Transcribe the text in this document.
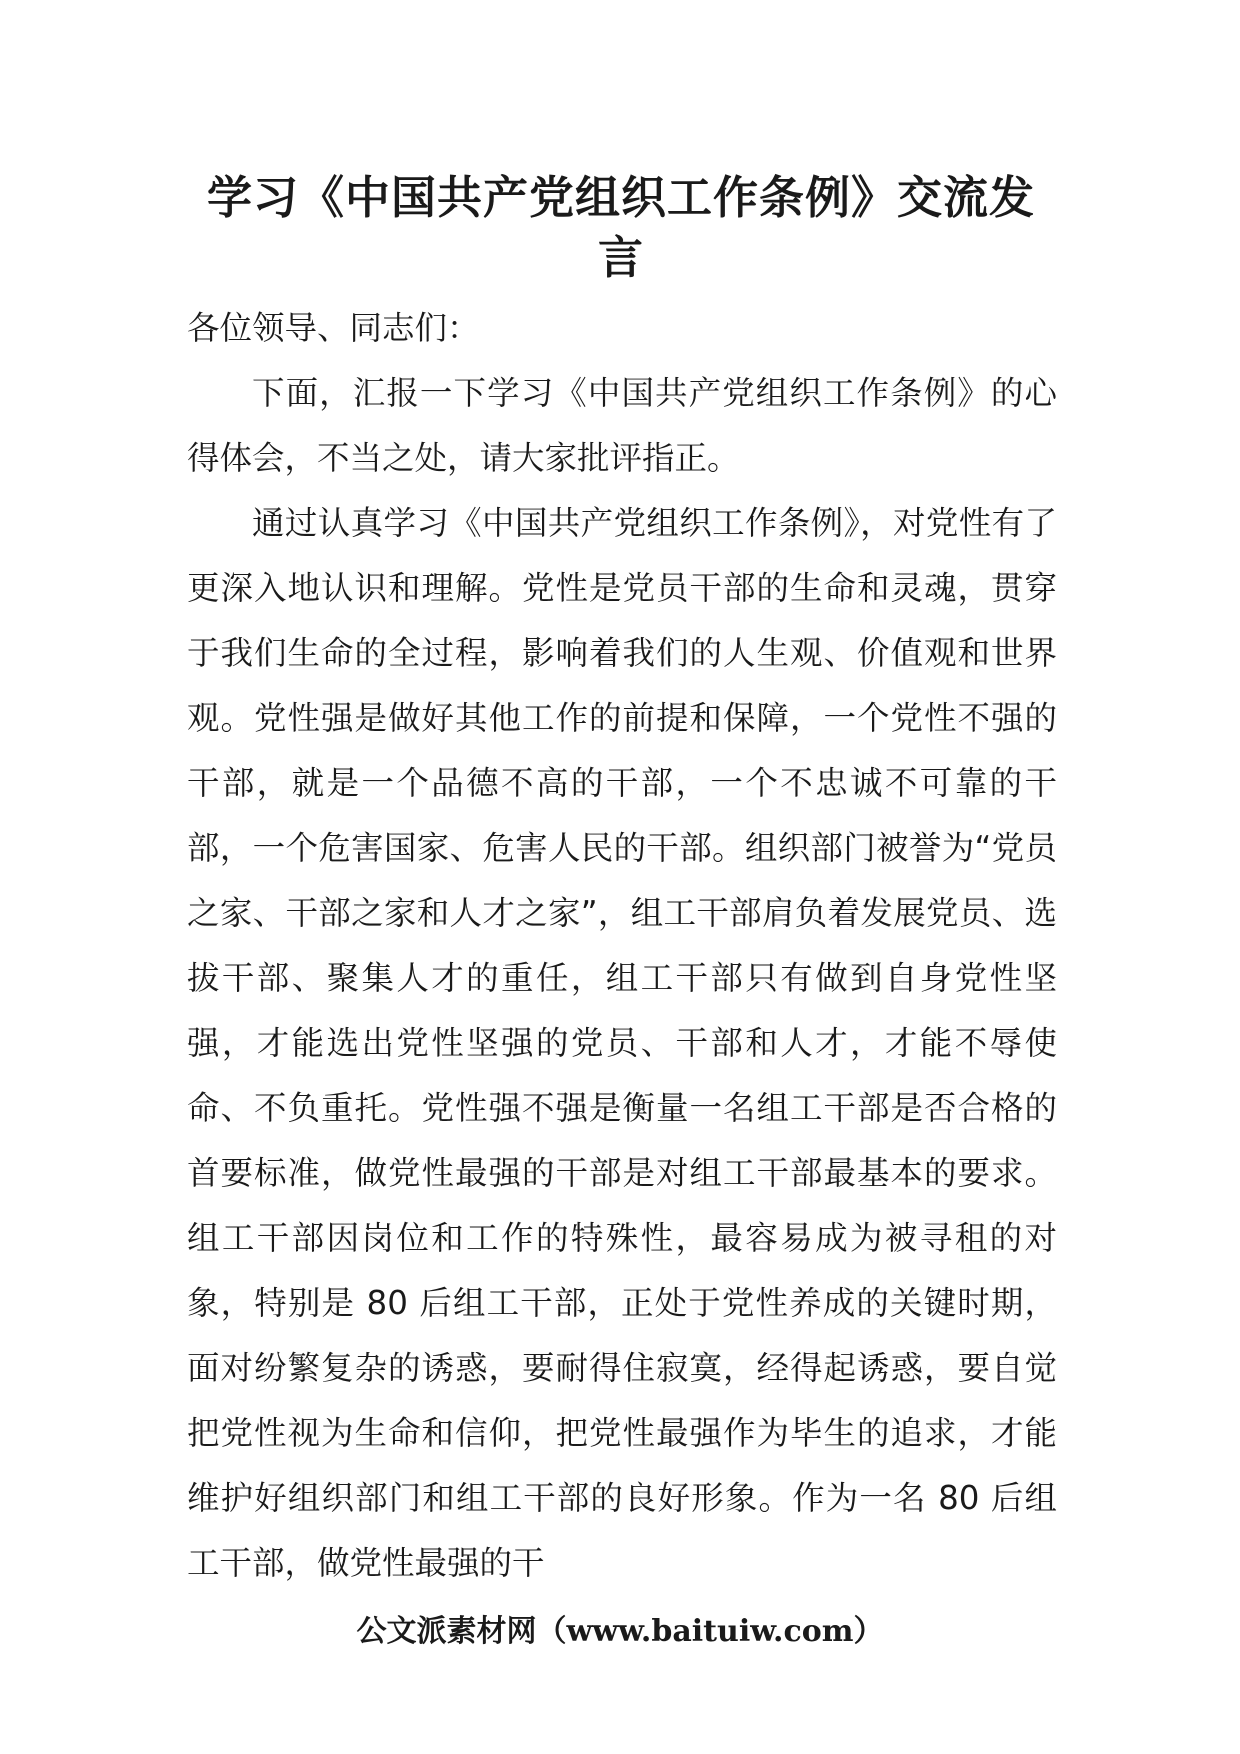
学习《中国共产党组织工作条例》交流发言

各位领导、同志们：

下面，汇报一下学习《中国共产党组织工作条例》的心得体会，不当之处，请大家批评指正。

通过认真学习《中国共产党组织工作条例》，对党性有了更深入地认识和理解。党性是党员干部的生命和灵魂，贯穿于我们生命的全过程，影响着我们的人生观、价值观和世界观。党性强是做好其他工作的前提和保障，一个党性不强的干部，就是一个品德不高的干部，一个不忠诚不可靠的干部，一个危害国家、危害人民的干部。组织部门被誉为“党员之家、干部之家和人才之家”，组工干部肩负着发展党员、选拔干部、聚集人才的重任，组工干部只有做到自身党性坚强，才能选出党性坚强的党员、干部和人才，才能不辱使命、不负重托。党性强不强是衡量一名组工干部是否合格的首要标准，做党性最强的干部是对组工干部最基本的要求。组工干部因岗位和工作的特殊性，最容易成为被寻租的对象，特别是 80 后组工干部，正处于党性养成的关键时期，面对纷繁复杂的诱惑，要耐得住寂寞，经得起诱惑，要自觉把党性视为生命和信仰，把党性最强作为毕生的追求，才能维护好组织部门和组工干部的良好形象。作为一名 80 后组工干部，做党性最强的干

公文派素材网（www.baituiw.com）
